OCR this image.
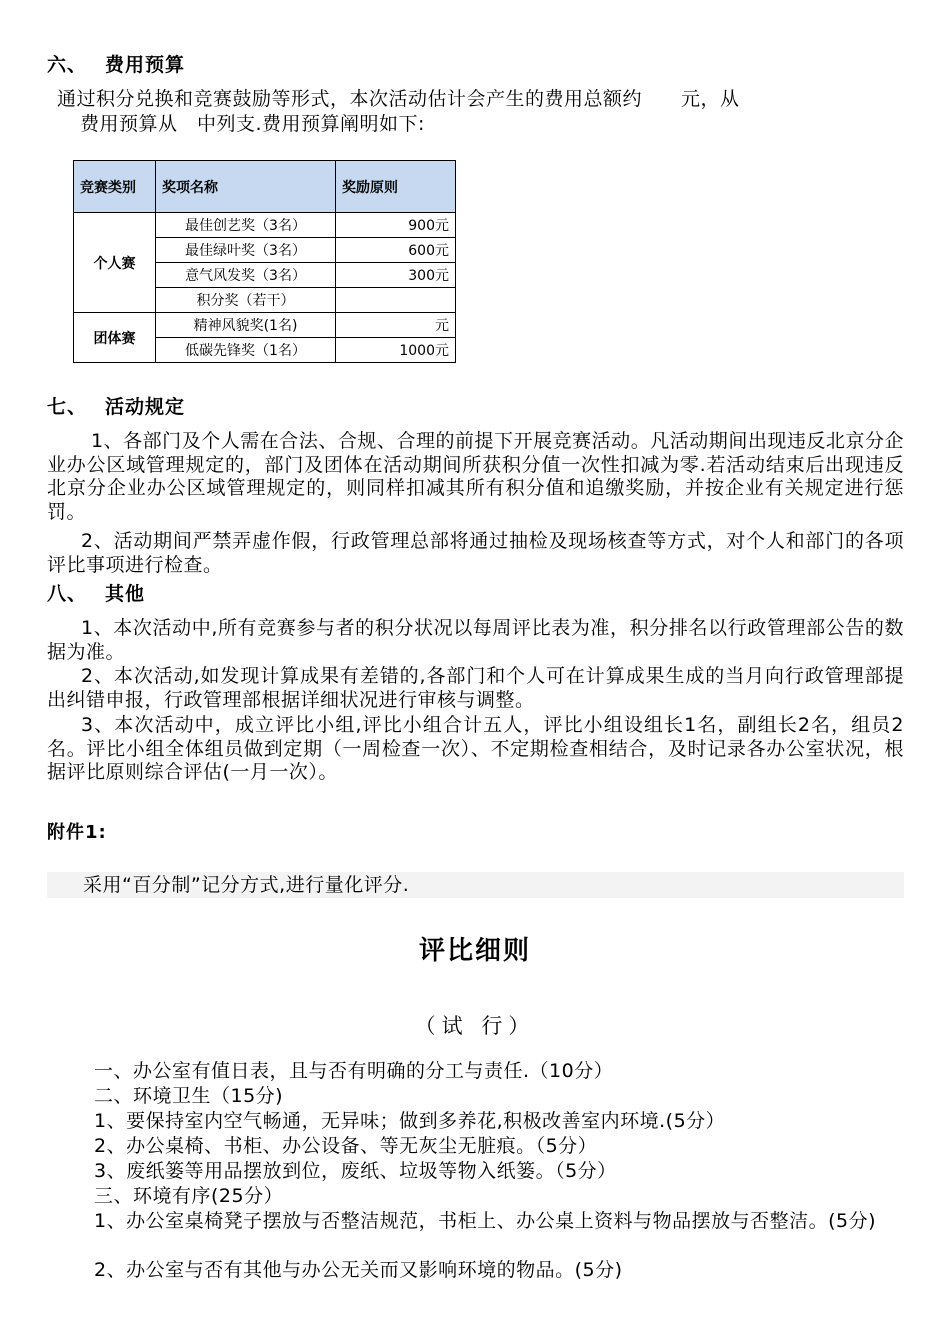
六、 费用预算
通过积分兑换和竞赛鼓励等形式，本次活动估计会产生的费用总额约　　元，从
费用预算从　中列支.费用预算阐明如下:
竞赛类别	奖项名称	奖励原则
个人赛	最佳创艺奖（3名）	900元
	最佳绿叶奖（3名）	600元
	意气风发奖（3名）	300元
	积分奖（若干）	
团体赛	精神风貌奖(1名)	元
	低碳先锋奖（1名）	1000元
七、 活动规定
1、各部门及个人需在合法、合规、合理的前提下开展竞赛活动。凡活动期间出现违反北京分企业办公区域管理规定的，部门及团体在活动期间所获积分值一次性扣减为零.若活动结束后出现违反北京分企业办公区域管理规定的，则同样扣减其所有积分值和追缴奖励，并按企业有关规定进行惩罚。
2、活动期间严禁弄虚作假，行政管理总部将通过抽检及现场核查等方式，对个人和部门的各项评比事项进行检查。
八、 其他
1、本次活动中,所有竞赛参与者的积分状况以每周评比表为准，积分排名以行政管理部公告的数据为准。
2、本次活动,如发现计算成果有差错的,各部门和个人可在计算成果生成的当月向行政管理部提出纠错申报，行政管理部根据详细状况进行审核与调整。
3、本次活动中，成立评比小组,评比小组合计五人，评比小组设组长1名，副组长2名，组员2名。评比小组全体组员做到定期（一周检查一次）、不定期检查相结合，及时记录各办公室状况，根据评比原则综合评估(一月一次）。
附件1:
采用“百分制”记分方式,进行量化评分.
评比细则
（试 行）
一、办公室有值日表，且与否有明确的分工与责任.（10分）
二、环境卫生（15分)
1、要保持室内空气畅通，无异味；做到多养花,积极改善室内环境.(5分）
2、办公桌椅、书柜、办公设备、等无灰尘无脏痕。（5分）
3、废纸篓等用品摆放到位，废纸、垃圾等物入纸篓。（5分）
三、环境有序(25分）
1、办公室桌椅凳子摆放与否整洁规范，书柜上、办公桌上资料与物品摆放与否整洁。(5分)
2、办公室与否有其他与办公无关而又影响环境的物品。(5分)
